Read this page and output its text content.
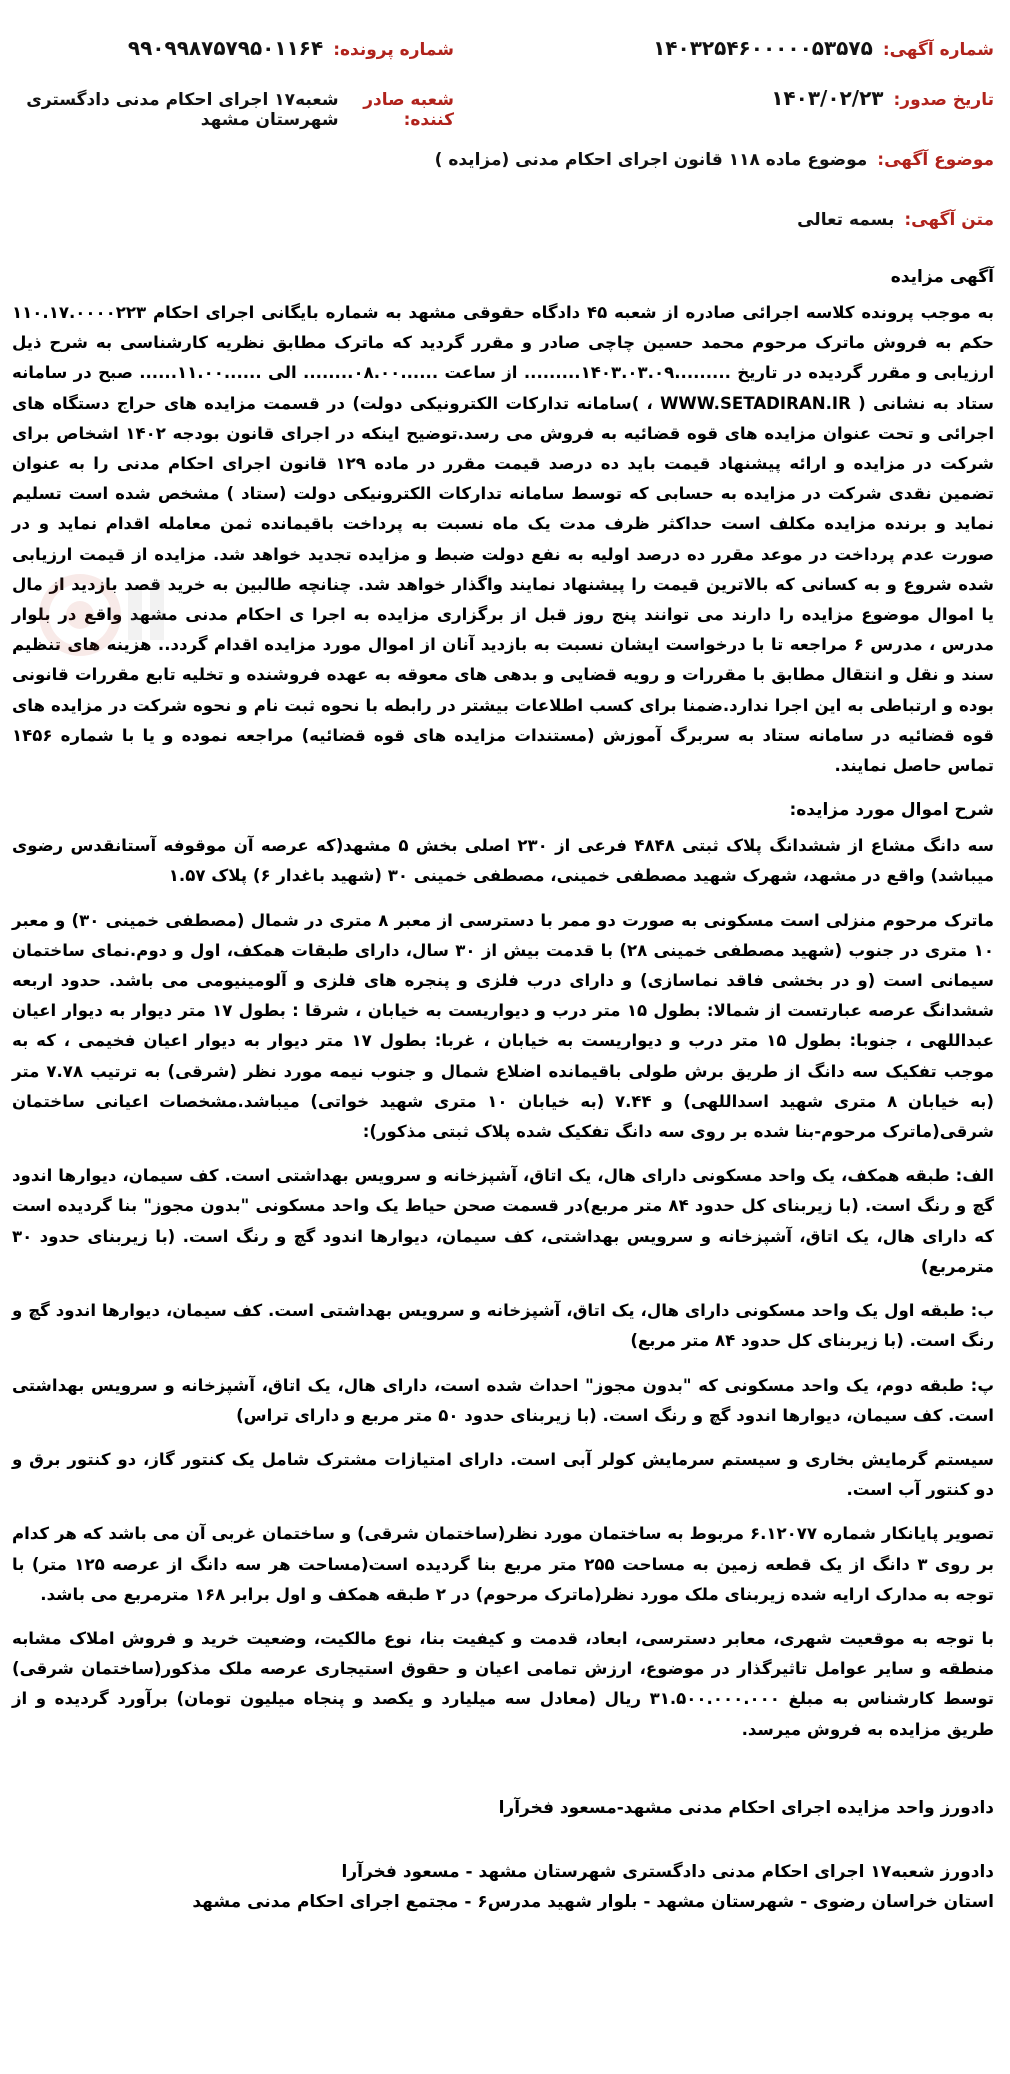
شماره آگهی:
۱۴۰۳۲۵۴۶۰۰۰۰۰۵۳۵۷۵
شماره پرونده:
۹۹۰۹۹۸۷۵۷۹۵۰۱۱۶۴
تاریخ صدور:
۱۴۰۳/۰۲/۲۳
شعبه صادر کننده:
شعبه۱۷ اجرای احکام مدنی دادگستری شهرستان مشهد
موضوع آگهی:
موضوع ماده ۱۱۸ قانون اجرای احکام مدنی (مزایده )
متن آگهی:
بسمه تعالی
آگهی مزایده

به موجب پرونده کلاسه اجرائی صادره از شعبه ۴۵ دادگاه حقوقی مشهد به شماره بایگانی اجرای احکام ۱۱۰.۱۷.۰۰۰۰۲۲۳ حکم به فروش ماترک مرحوم محمد حسین چاچی صادر و مقرر گردید که ماترک مطابق نظریه کارشناسی به شرح ذیل ارزیابی و مقرر گردیده در تاریخ .........۱۴۰۳.۰۳.۰۹......... از ساعت ......۰۸.۰۰........ الی ......۱۱.۰۰...... صبح در سامانه ستاد به نشانی ( WWW.SETADIRAN.IR ، )سامانه تدارکات الکترونیکی دولت) در قسمت مزایده های حراج دستگاه های اجرائی و تحت عنوان مزایده های قوه قضائیه به فروش می رسد.توضیح اینکه در اجرای قانون بودجه ۱۴۰۲ اشخاص برای شرکت در مزایده و ارائه پیشنهاد قیمت باید ده درصد قیمت مقرر در ماده ۱۲۹ قانون اجرای احکام مدنی را به عنوان تضمین نقدی شرکت در مزایده به حسابی که توسط سامانه تدارکات الکترونیکی دولت (ستاد ) مشخص شده است تسلیم نماید و برنده مزایده مکلف است حداکثر ظرف مدت یک ماه نسبت به پرداخت باقیمانده ثمن معامله اقدام نماید و در صورت عدم پرداخت در موعد مقرر ده درصد اولیه به نفع دولت ضبط و مزایده تجدید خواهد شد. مزایده از قیمت ارزیابی شده شروع و به کسانی که بالاترین قیمت را پیشنهاد نمایند واگذار خواهد شد. چنانچه طالبین به خرید قصد بازدید از مال یا اموال موضوع مزایده را دارند می توانند پنج روز قبل از برگزاری مزایده به اجرا ی احکام مدنی مشهد واقع در بلوار مدرس ، مدرس ۶ مراجعه تا با درخواست ایشان نسبت به بازدید آنان از اموال مورد مزایده اقدام گردد.. هزینه های تنظیم سند و نقل و انتقال مطابق با مقررات و رویه قضایی و بدهی های معوقه به عهده فروشنده و تخلیه تابع مقررات قانونی بوده و ارتباطی به این اجرا ندارد.ضمنا برای کسب اطلاعات بیشتر در رابطه با نحوه ثبت نام و نحوه شرکت در مزایده های قوه قضائیه در سامانه ستاد به سربرگ آموزش (مستندات مزایده های قوه قضائیه) مراجعه نموده و یا با شماره ۱۴۵۶ تماس حاصل نمایند.

شرح اموال مورد مزایده:

سه دانگ مشاع از ششدانگ پلاک ثبتی ۴۸۴۸ فرعی از ۲۳۰ اصلی بخش ۵ مشهد(که عرصه آن موقوفه آستانقدس رضوی میباشد) واقع در مشهد، شهرک شهید مصطفی خمینی، مصطفی خمینی ۳۰ (شهید باغدار ۶) پلاک ۱.۵۷

ماترک مرحوم منزلی است مسکونی به صورت دو ممر با دسترسی از معبر ۸ متری در شمال (مصطفی خمینی ۳۰) و معبر ۱۰ متری در جنوب (شهید مصطفی خمینی ۲۸) با قدمت بیش از ۳۰ سال، دارای طبقات همکف، اول و دوم.نمای ساختمان سیمانی است (و در بخشی فاقد نماسازی) و دارای درب فلزی و پنجره های فلزی و آلومینیومی می باشد. حدود اربعه ششدانگ عرصه عبارتست از شمالا: بطول ۱۵ متر درب و دیواریست به خیابان ، شرقا : بطول ۱۷ متر دیوار به دیوار اعیان عبداللهی ، جنوبا: بطول ۱۵ متر درب و دیواریست به خیابان ، غربا: بطول ۱۷ متر دیوار به دیوار اعیان فخیمی ، که به موجب تفکیک سه دانگ از طریق برش طولی باقیمانده اضلاع شمال و جنوب نیمه مورد نظر (شرقی) به ترتیب ۷.۷۸ متر (به خیابان ۸ متری شهید اسداللهی) و ۷.۴۴ (به خیابان ۱۰ متری شهید خواتی) میباشد.مشخصات اعیانی ساختمان شرقی(ماترک مرحوم-بنا شده بر روی سه دانگ تفکیک شده پلاک ثبتی مذکور):

الف: طبقه همکف، یک واحد مسکونی دارای هال، یک اتاق، آشپزخانه و سرویس بهداشتی است. کف سیمان، دیوارها اندود گچ و رنگ است. (با زیربنای کل حدود ۸۴ متر مربع)در قسمت صحن حیاط یک واحد مسکونی "بدون مجوز" بنا گردیده است که دارای هال، یک اتاق، آشپزخانه و سرویس بهداشتی، کف سیمان، دیوارها اندود گچ و رنگ است. (با زیربنای حدود ۳۰ مترمربع)

ب: طبقه اول یک واحد مسکونی دارای هال، یک اتاق، آشپزخانه و سرویس بهداشتی است. کف سیمان، دیوارها اندود گچ و رنگ است. (با زیربنای کل حدود ۸۴ متر مربع)

پ: طبقه دوم، یک واحد مسکونی که "بدون مجوز" احداث شده است، دارای هال، یک اتاق، آشپزخانه و سرویس بهداشتی است. کف سیمان، دیوارها اندود گچ و رنگ است. (با زیربنای حدود ۵۰ متر مربع و دارای تراس)

سیستم گرمایش بخاری و سیستم سرمایش کولر آبی است. دارای امتیازات مشترک شامل یک کنتور گاز، دو کنتور برق و دو کنتور آب است.

تصویر پایانکار شماره ۶.۱۲۰۷۷ مربوط به ساختمان مورد نظر(ساختمان شرقی) و ساختمان غربی آن می باشد که هر کدام بر روی ۳ دانگ از یک قطعه زمین به مساحت ۲۵۵ متر مربع بنا گردیده است(مساحت هر سه دانگ از عرصه ۱۲۵ متر) با توجه به مدارک ارایه شده زیربنای ملک مورد نظر(ماترک مرحوم) در ۲ طبقه همکف و اول برابر ۱۶۸ مترمربع می باشد.

با توجه به موقعیت شهری، معابر دسترسی، ابعاد، قدمت و کیفیت بنا، نوع مالکیت، وضعیت خرید و فروش املاک مشابه منطقه و سایر عوامل تاثیرگذار در موضوع، ارزش تمامی اعیان و حقوق استیجاری عرصه ملک مذکور(ساختمان شرقی) توسط کارشناس به مبلغ ۳۱.۵۰۰.۰۰۰.۰۰۰ ریال (معادل سه میلیارد و یکصد و پنجاه میلیون تومان) برآورد گردیده و از طریق مزایده به فروش میرسد.

دادورز واحد مزایده اجرای احکام مدنی مشهد-مسعود فخرآرا

دادورز شعبه۱۷ اجرای احکام مدنی دادگستری شهرستان مشهد - مسعود فخرآرا

استان خراسان رضوی - شهرستان مشهد - بلوار شهید مدرس۶ - مجتمع اجرای احکام مدنی مشهد
